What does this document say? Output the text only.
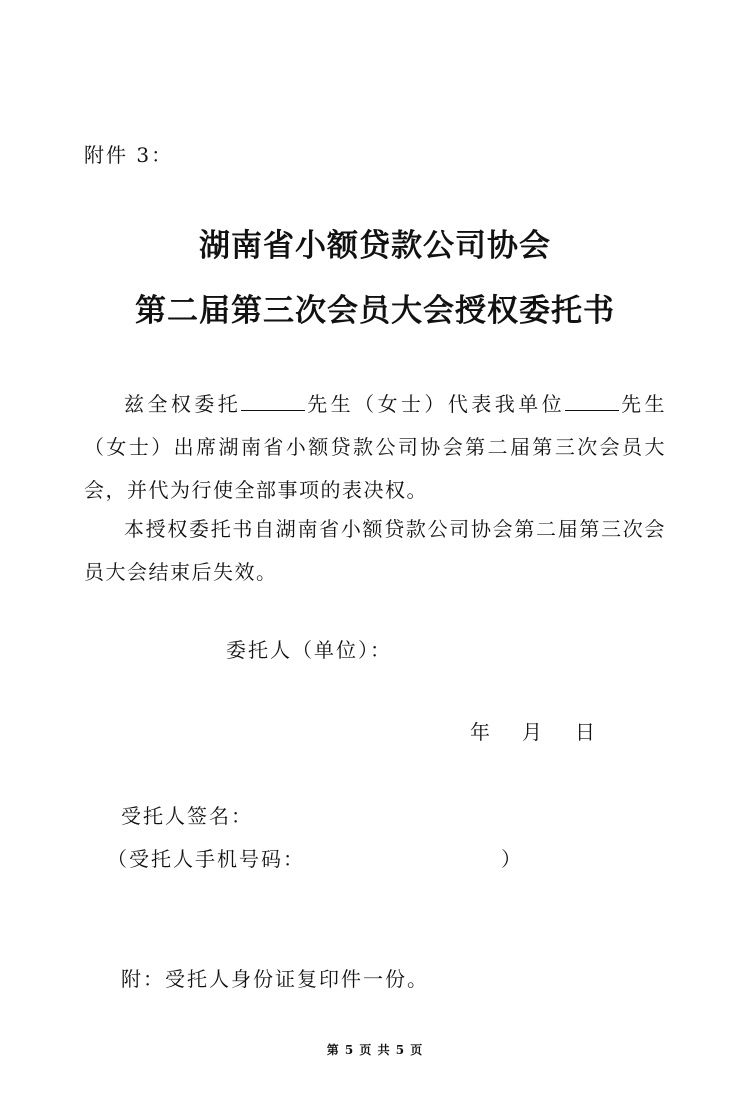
附件 3：
湖南省小额贷款公司协会
第二届第三次会员大会授权委托书
兹全权委托	先生（女士）代表我单位	先生（女士）出席湖南省小额贷款公司协会第二届第三次会员大会，并代为行使全部事项的表决权。
本授权委托书自湖南省小额贷款公司协会第二届第三次会员大会结束后失效。
委托人（单位）：
年 月 日
受托人签名：
（受托人手机号码：	）
附：受托人身份证复印件一份。
第 5 页 共 5 页
